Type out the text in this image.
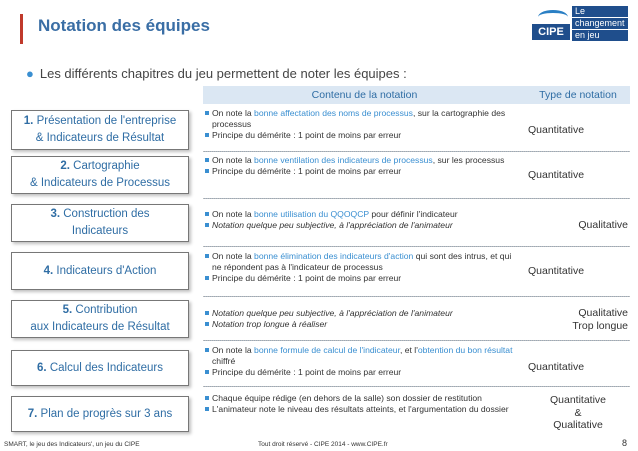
Notation des équipes	CIPE
Le
changement
en jeu
● Les différents chapitres du jeu permettent de noter les équipes :
Contenu de la notation	Type de notation
1. Présentation de l'entreprise
& Indicateurs de Résultat
On note la bonne affectation des noms de processus, sur la cartographie des processus
Principe du démérite : 1 point de moins par erreur	Quantitative
2. Cartographie
& Indicateurs de Processus
On note la bonne ventilation des indicateurs de processus, sur les processus
Principe du démérite : 1 point de moins par erreur	Quantitative
3. Construction des
Indicateurs
On note la bonne utilisation du QQOQCP pour définir l'indicateur
Notation quelque peu subjective, à l'appréciation de l'animateur	Qualitative
4. Indicateurs d'Action
On note la bonne élimination des indicateurs d'action qui sont des intrus, et qui ne répondent pas à l'indicateur de processus
Principe du démérite : 1 point de moins par erreur
Quantitative
5. Contribution
aux Indicateurs de Résultat
Notation quelque peu subjective, à l'appréciation de l'animateur
Notation trop longue à réaliser
Qualitative
Trop longue
6. Calcul des Indicateurs
On note la bonne formule de calcul de l'indicateur, et l'obtention du bon résultat chiffré
Principe du démérite : 1 point de moins par erreur	Quantitative
7. Plan de progrès sur 3 ans
Chaque équipe rédige (en dehors de la salle) son dossier de restitution
L'animateur note le niveau des résultats atteints, et l'argumentation du dossier
Quantitative
&
Qualitative
SMART, le jeu des Indicateurs', un jeu du CIPE	Tout droit réservé - CIPE 2014 - www.CIPE.fr	8
